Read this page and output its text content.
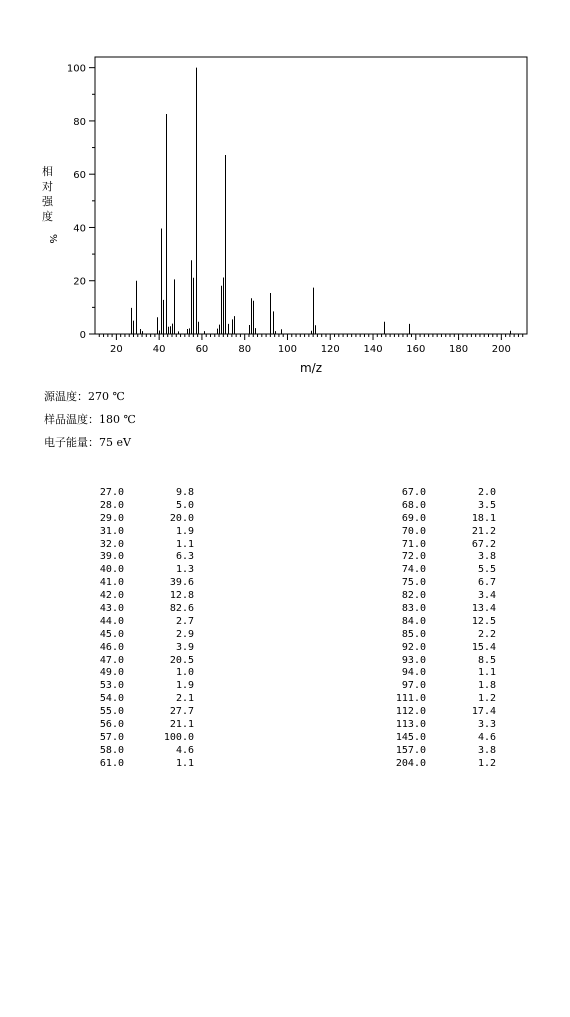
20	40	60	80	100 120 140 160 180 200
0
20
40
60
80
100
m/z
相
对
强
度
%
源温度：270 ℃
样品温度：180 ℃
电子能量：75 eV
27.0	9.8
28.0	5.0
29.0	20.0
31.0	1.9
32.0	1.1
39.0	6.3
40.0	1.3
41.0	39.6
42.0	12.8
43.0	82.6
44.0	2.7
45.0	2.9
46.0	3.9
47.0	20.5
49.0	1.0
53.0	1.9
54.0	2.1
55.0	27.7
56.0	21.1
57.0	100.0
58.0	4.6
61.0	1.1
67.0	2.0
68.0	3.5
69.0	18.1
70.0	21.2
71.0	67.2
72.0	3.8
74.0	5.5
75.0	6.7
82.0	3.4
83.0	13.4
84.0	12.5
85.0	2.2
92.0	15.4
93.0	8.5
94.0	1.1
97.0	1.8
111.0	1.2
112.0	17.4
113.0	3.3
145.0	4.6
157.0	3.8
204.0	1.2
